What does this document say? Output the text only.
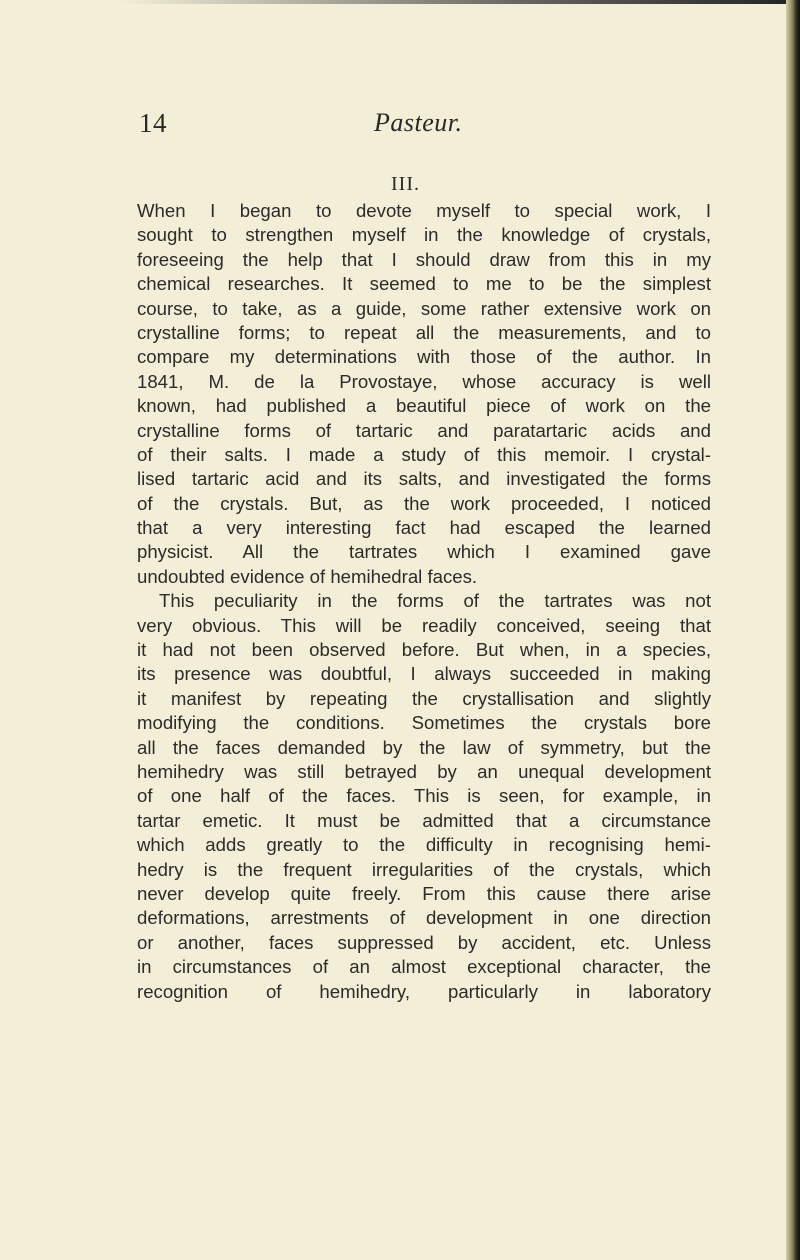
14	Pasteur.
III.
When I began to devote myself to special work, I
sought to strengthen myself in the knowledge of crystals,
foreseeing the help that I should draw from this in my
chemical researches. It seemed to me to be the simplest
course, to take, as a guide, some rather extensive work on
crystalline forms; to repeat all the measurements, and to
compare my determinations with those of the author. In
1841, M. de la Provostaye, whose accuracy is well
known, had published a beautiful piece of work on the
crystalline forms of tartaric and paratartaric acids and
of their salts. I made a study of this memoir. I crystal-
lised tartaric acid and its salts, and investigated the forms
of the crystals. But, as the work proceeded, I noticed
that a very interesting fact had escaped the learned
physicist. All the tartrates which I examined gave
undoubted evidence of hemihedral faces.
This peculiarity in the forms of the tartrates was not
very obvious. This will be readily conceived, seeing that
it had not been observed before. But when, in a species,
its presence was doubtful, I always succeeded in making
it manifest by repeating the crystallisation and slightly
modifying the conditions. Sometimes the crystals bore
all the faces demanded by the law of symmetry, but the
hemihedry was still betrayed by an unequal development
of one half of the faces. This is seen, for example, in
tartar emetic. It must be admitted that a circumstance
which adds greatly to the difficulty in recognising hemi-
hedry is the frequent irregularities of the crystals, which
never develop quite freely. From this cause there arise
deformations, arrestments of development in one direction
or another, faces suppressed by accident, etc. Unless
in circumstances of an almost exceptional character, the
recognition of hemihedry, particularly in laboratory
